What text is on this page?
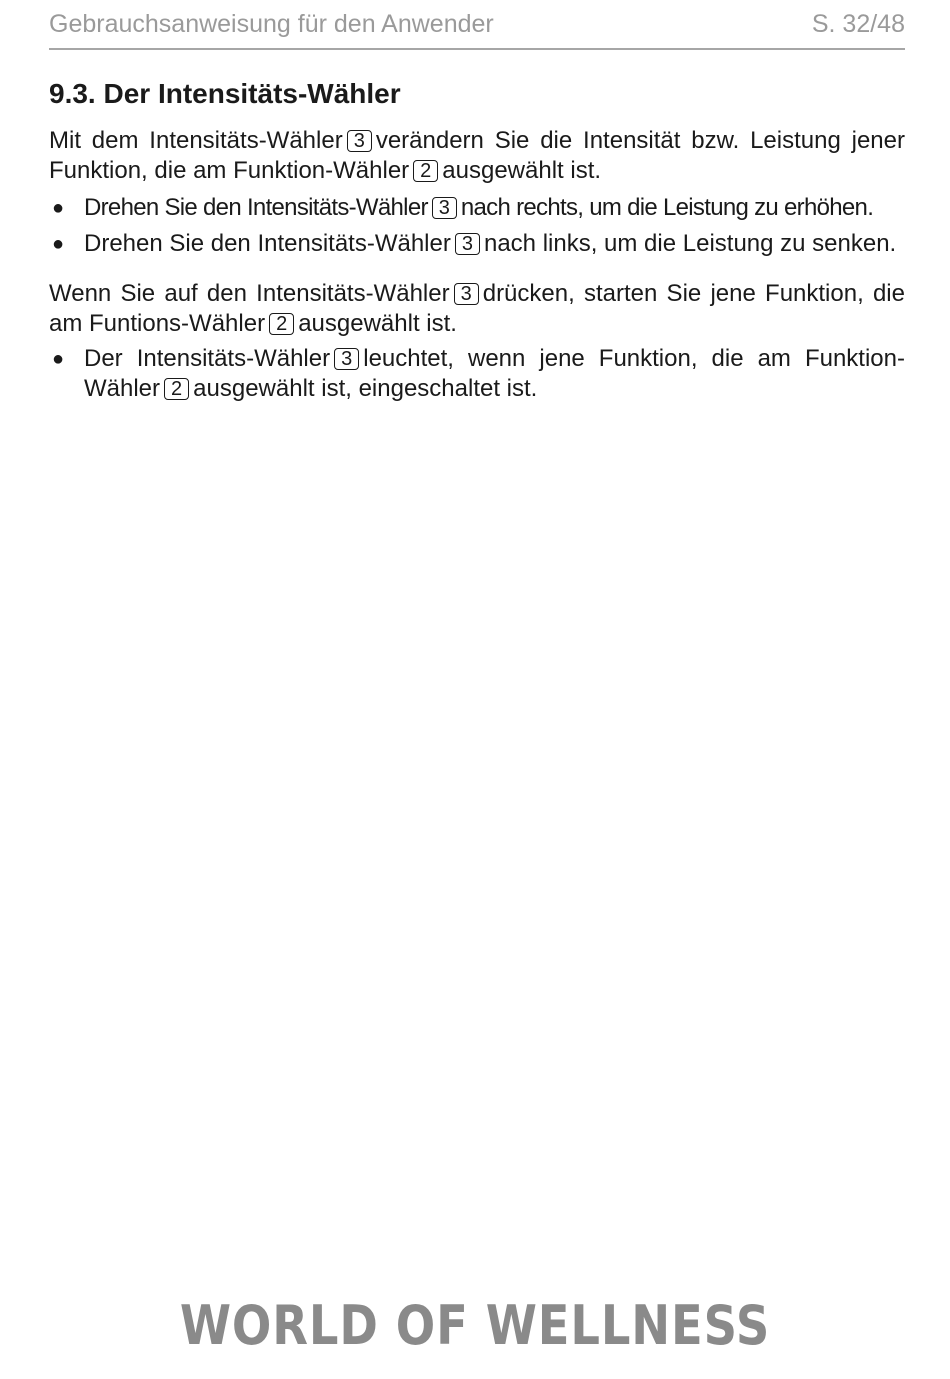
Gebrauchsanweisung für den Anwender	S. 32/48
9.3. Der Intensitäts-Wähler

Mit dem Intensitäts-Wähler 3 verändern Sie die Intensität bzw. Leistung jener Funktion, die am Funktion-Wähler 2 ausgewählt ist.

● Drehen Sie den Intensitäts-Wähler 3 nach rechts, um die Leistung zu erhöhen.
● Drehen Sie den Intensitäts-Wähler 3 nach links, um die Leistung zu senken.

Wenn Sie auf den Intensitäts-Wähler 3 drücken, starten Sie jene Funktion, die am Funtions-Wähler 2 ausgewählt ist.

● Der Intensitäts-Wähler 3 leuchtet, wenn jene Funktion, die am Funktion-Wähler 2 ausgewählt ist, eingeschaltet ist.
WORLD OF WELLNESS
